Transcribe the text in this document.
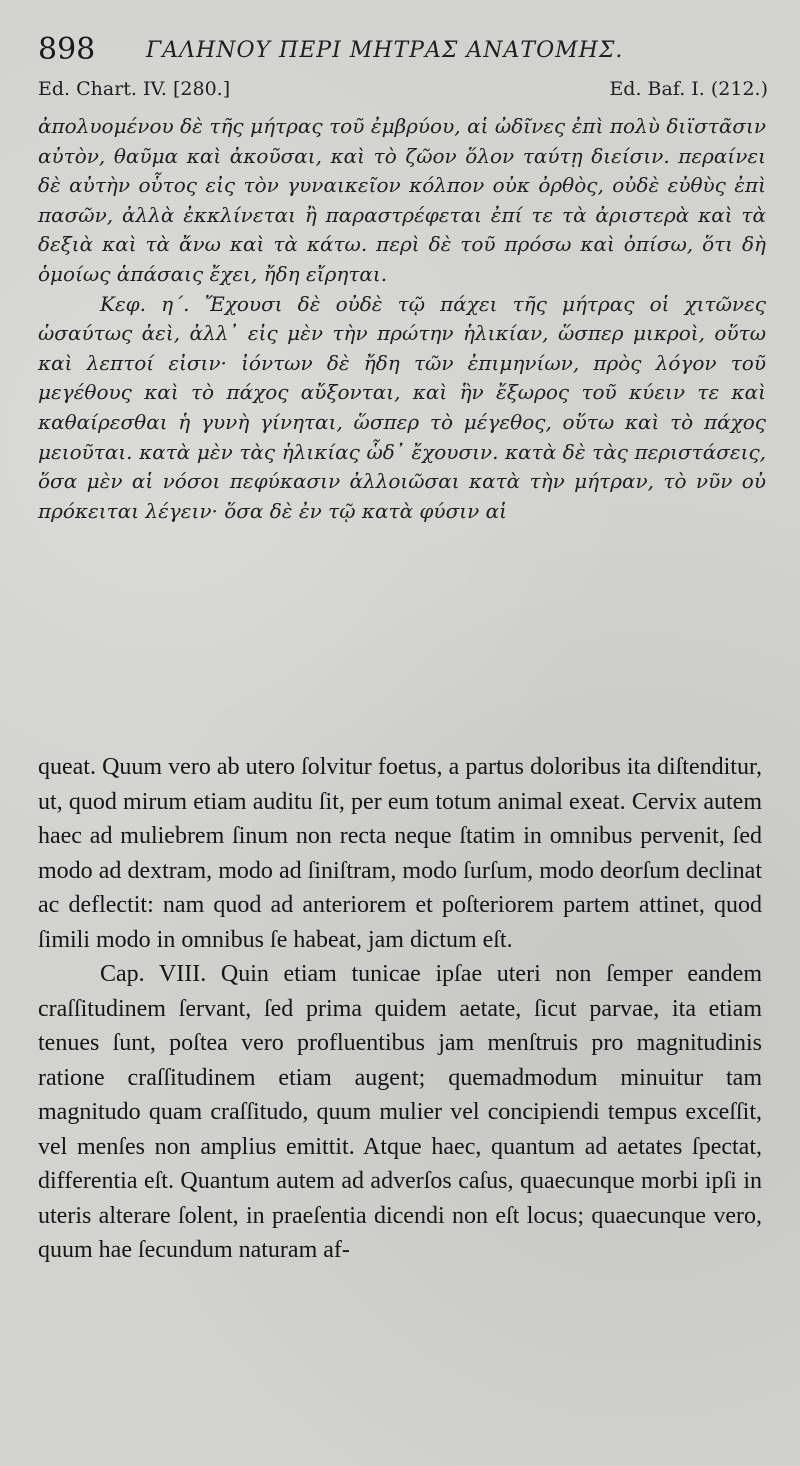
898 ΓΑΛΗΝΟΥ ΠΕΡΙ ΜΗΤΡΑΣ ΑΝΑΤΟΜΗΣ.
Ed. Chart. IV. [280.]	Ed. Baf. I. (212.)

ἀπολυομένου δὲ τῆς μήτρας τοῦ ἐμβρύου, αἱ ὠδῖνες ἐπὶ πολὺ διϊστᾶσιν αὐτὸν, θαῦμα καὶ ἀκοῦσαι, καὶ τὸ ζῶον ὅλον ταύτῃ διείσιν. περαίνει δὲ αὐτὴν οὗτος εἰς τὸν γυναικεῖον κόλπον οὐκ ὀρθὸς, οὐδὲ εὐθὺς ἐπὶ πασῶν, ἀλλὰ ἐκκλίνεται ἢ παραστρέφεται ἐπί τε τὰ ἀριστερὰ καὶ τὰ δεξιὰ καὶ τὰ ἄνω καὶ τὰ κάτω. περὶ δὲ τοῦ πρόσω καὶ ὀπίσω, ὅτι δὴ ὁμοίως ἁπάσαις ἔχει, ἤδη εἴρηται.

Κεφ. η΄. Ἔχουσι δὲ οὐδὲ τῷ πάχει τῆς μήτρας οἱ χιτῶνες ὡσαύτως ἀεὶ, ἀλλ᾽ εἰς μὲν τὴν πρώτην ἡλικίαν, ὥσπερ μικροὶ, οὕτω καὶ λεπτοί εἰσιν· ἰόντων δὲ ἤδη τῶν ἐπιμηνίων, πρὸς λόγον τοῦ μεγέθους καὶ τὸ πάχος αὔξονται, καὶ ἣν ἔξωρος τοῦ κύειν τε καὶ καθαίρεσθαι ἡ γυνὴ γίνηται, ὥσπερ τὸ μέγεθος, οὕτω καὶ τὸ πάχος μειοῦται. κατὰ μὲν τὰς ἡλικίας ὧδ᾽ ἔχουσιν. κατὰ δὲ τὰς περιστάσεις, ὅσα μὲν αἱ νόσοι πεφύκασιν ἀλλοιῶσαι κατὰ τὴν μήτραν, τὸ νῦν οὐ πρόκειται λέγειν· ὅσα δὲ ἐν τῷ κατὰ φύσιν αἱ

queat. Quum vero ab utero ſolvitur foetus, a partus doloribus ita diſtenditur, ut, quod mirum etiam auditu ſit, per eum totum animal exeat. Cervix autem haec ad muliebrem ſinum non recta neque ſtatim in omnibus pervenit, ſed modo ad dextram, modo ad ſiniſtram, modo ſurſum, modo deorſum declinat ac deflectit: nam quod ad anteriorem et poſteriorem partem attinet, quod ſimili modo in omnibus ſe habeat, jam dictum eſt.

Cap. VIII. Quin etiam tunicae ipſae uteri non ſemper eandem craſſitudinem ſervant, ſed prima quidem aetate, ſicut parvae, ita etiam tenues ſunt, poſtea vero profluentibus jam menſtruis pro magnitudinis ratione craſſitudinem etiam augent; quemadmodum minuitur tam magnitudo quam craſſitudo, quum mulier vel concipiendi tempus exceſſit, vel menſes non amplius emittit. Atque haec, quantum ad aetates ſpectat, differentia eſt. Quantum autem ad adverſos caſus, quaecunque morbi ipſi in uteris alterare ſolent, in praeſentia dicendi non eſt locus; quaecunque vero, quum hae ſecundum naturam af-
